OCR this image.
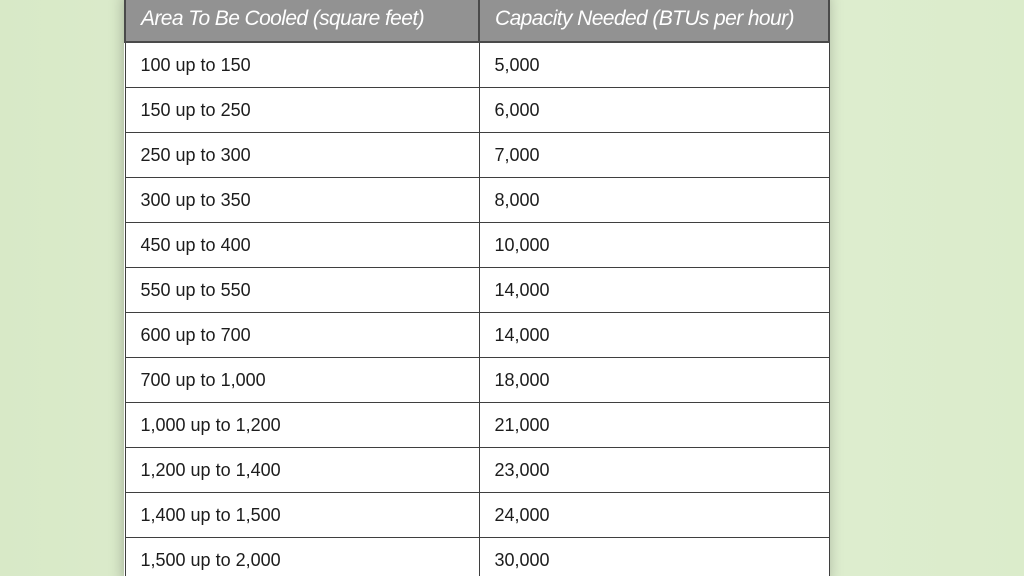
Area To Be Cooled (square feet)	Capacity Needed (BTUs per hour)
100 up to 150	5,000
150 up to 250	6,000
250 up to 300	7,000
300 up to 350	8,000
450 up to 400	10,000
550 up to 550	14,000
600 up to 700	14,000
700 up to 1,000	18,000
1,000 up to 1,200	21,000
1,200 up to 1,400	23,000
1,400 up to 1,500	24,000
1,500 up to 2,000	30,000
